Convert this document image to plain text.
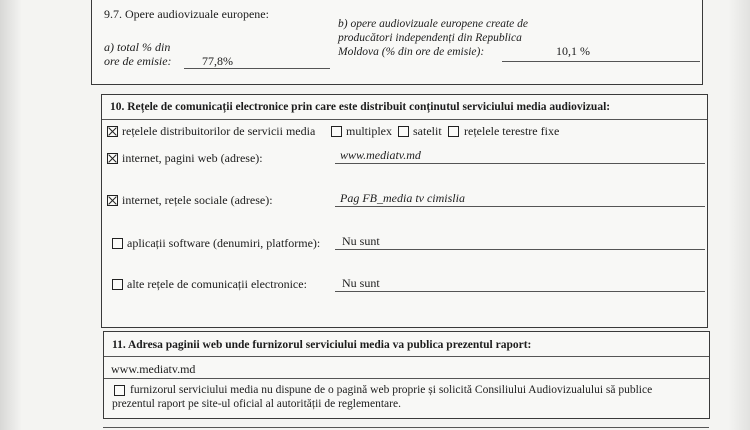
9.7. Opere audiovizuale europene:
a) total % din
ore de emisie:	77,8%
b) opere audiovizuale europene create de
producători independenți din Republica
Moldova (% din ore de emisie):	10,1 %
10. Rețele de comunicații electronice prin care este distribuit conținutul serviciului media audiovizual:
rețelele distribuitorilor de servicii media	multiplex satelit rețelele terestre fixe
internet, pagini web (adrese):	www.mediatv.md
internet, rețele sociale (adrese):	Pag FB_media tv cimislia
aplicații software (denumiri, platforme): Nu sunt
alte rețele de comunicații electronice:	Nu sunt
11. Adresa paginii web unde furnizorul serviciului media va publica prezentul raport:
www.mediatv.md
furnizorul serviciului media nu dispune de o pagină web proprie și solicită Consiliului Audiovizualului să publice
prezentul raport pe site-ul oficial al autorității de reglementare.
